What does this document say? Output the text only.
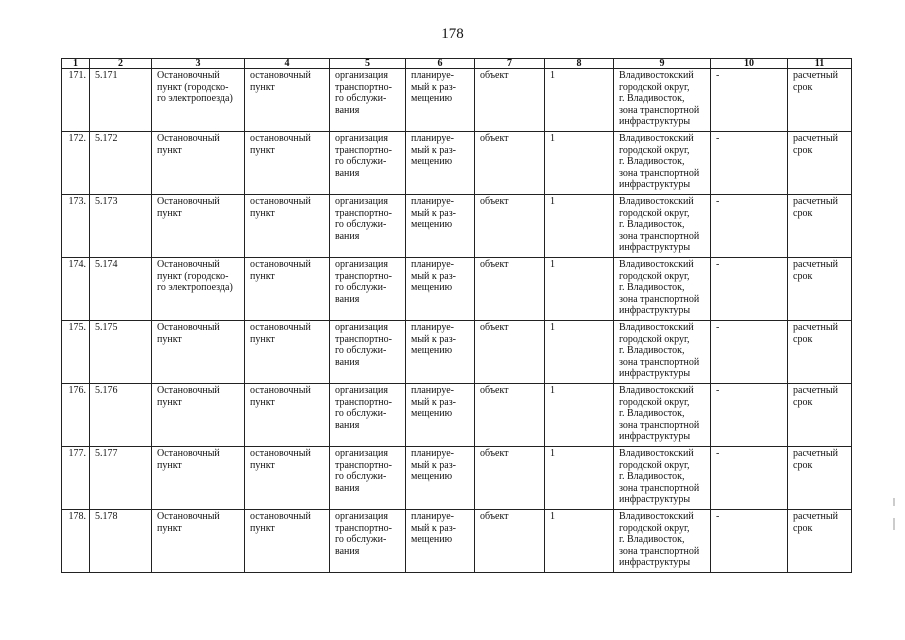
178
1	2	3	4	5	6	7	8	9	10	11
171.	5.171	Остановочный
пункт (городско-
го электропоезда)	остановочный
пункт	организация
транспортно-
го обслужи-
вания	планируе-
мый к раз-
мещению	объект	1	Владивостокский
городской округ,
г. Владивосток,
зона транспортной
инфраструктуры	-	расчетный
срок
172.	5.172	Остановочный
пункт	остановочный
пункт	организация
транспортно-
го обслужи-
вания	планируе-
мый к раз-
мещению	объект	1	Владивостокский
городской округ,
г. Владивосток,
зона транспортной
инфраструктуры	-	расчетный
срок
173.	5.173	Остановочный
пункт	остановочный
пункт	организация
транспортно-
го обслужи-
вания	планируе-
мый к раз-
мещению	объект	1	Владивостокский
городской округ,
г. Владивосток,
зона транспортной
инфраструктуры	-	расчетный
срок
174.	5.174	Остановочный
пункт (городско-
го электропоезда)	остановочный
пункт	организация
транспортно-
го обслужи-
вания	планируе-
мый к раз-
мещению	объект	1	Владивостокский
городской округ,
г. Владивосток,
зона транспортной
инфраструктуры	-	расчетный
срок
175.	5.175	Остановочный
пункт	остановочный
пункт	организация
транспортно-
го обслужи-
вания	планируе-
мый к раз-
мещению	объект	1	Владивостокский
городской округ,
г. Владивосток,
зона транспортной
инфраструктуры	-	расчетный
срок
176.	5.176	Остановочный
пункт	остановочный
пункт	организация
транспортно-
го обслужи-
вания	планируе-
мый к раз-
мещению	объект	1	Владивостокский
городской округ,
г. Владивосток,
зона транспортной
инфраструктуры	-	расчетный
срок
177.	5.177	Остановочный
пункт	остановочный
пункт	организация
транспортно-
го обслужи-
вания	планируе-
мый к раз-
мещению	объект	1	Владивостокский
городской округ,
г. Владивосток,
зона транспортной
инфраструктуры	-	расчетный
срок
178.	5.178	Остановочный
пункт	остановочный
пункт	организация
транспортно-
го обслужи-
вания	планируе-
мый к раз-
мещению	объект	1	Владивостокский
городской округ,
г. Владивосток,
зона транспортной
инфраструктуры	-	расчетный
срок
